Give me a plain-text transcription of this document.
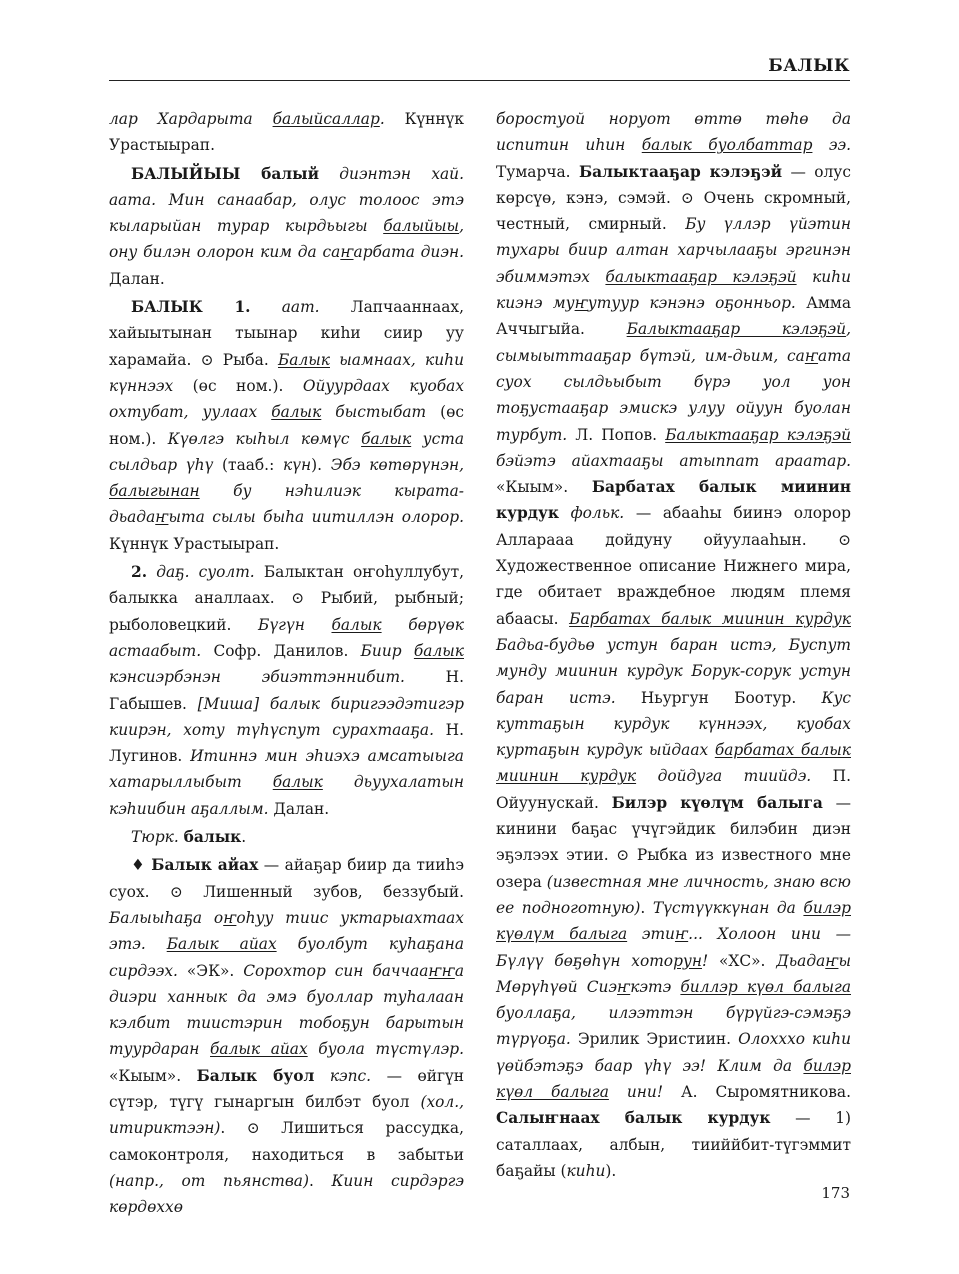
БАЛЫК

лар Хардарыта балыйсаллар. Күннүк Урастыырап.

БАЛЫЙЫЫ балый диэнтэн хай. аата. Мин санаабар, олус толоос этэ кыларыйан турар кырдьыгы балыйыы, ону билэн олорон ким да саҥарбата диэн. Далан.

БАЛЫК 1. аат. Лапчааннаах, хайыытынан тыынар киһи сиир уу харамайа. ⊙ Рыба. Балык ыамнаах, киһи күннээх (өс ном.). Ойуурдаах куобах охтубат, уулаах балык быстыбат (өс ном.). Күөлгэ кыһыл көмүс балык уста сылдьар үһү (тааб.: күн). Эбэ көтөрүнэн, балыгынан бу нэһилиэк кырата-дьадаҥыта сылы быһа иитиллэн олорор. Күннүк Урастыырап.

2. даҕ. суолт. Балыктан оҥоһуллубут, балыкка аналлаах. ⊙ Рыбий, рыбный; рыболовецкий. Бүгүн балык бөрүөк астаабыт. Софр. Данилов. Биир балык кэнсиэрбэнэн эбиэттэннибит. Н. Габышев. [Миша] балык биригээдэтигэр киирэн, хоту түһүспут сурахтааҕа. Н. Лугинов. Итиннэ мин эһиэхэ амсатыыга хатарыллыбыт балык дьуухалатын кэһиибин аҕаллым. Далан.

Тюрк. балык.

♦ Балык айах — айаҕар биир да тииһэ суох. ⊙ Лишенный зубов, беззубый. Балыыһаҕа оҥоһуу тиис уктарыахтаах этэ. Балык айах буолбут куһаҕана сирдээх. «ЭК». Сорохтор син баччааҥҥа диэри ханнык да эмэ буоллар туһалаан кэлбит тиистэрин тобоҕун барытын туурдаран балык айах буола түстүлэр. «Кыым». Балык буол кэпс. — өйгүн сүтэр, түгү гынаргын билбэт буол (хол., итириктээн). ⊙ Лишиться рассудка, самоконтроля, находиться в забытьи (напр., от пьянства). Киин сирдэргэ көрдөххө

боростуой норуот өттө төһө да испитин иһин балык буолбаттар ээ. Тумарча. Балыктааҕар кэлэҕэй — олус көрсүө, кэнэ, сэмэй. ⊙ Очень скромный, честный, смирный. Бу үллэр үйэтин тухары биир алтан харчылааҕы эргинэн эбиммэтэх балыктааҕар кэлэҕэй киһи киэнэ муҥутуур кэнэнэ оҕонньор. Амма Аччыгыйа. Балыктааҕар кэлэҕэй, сымыыттааҕар бүтэй, им-дьим, саҥата суох сылдьыбыт бүрэ уол уон тоҕустааҕар эмискэ улуу ойуун буолан турбут. Л. Попов. Балыктааҕар кэлэҕэй бэйэтэ айахтааҕы атыппат араатар. «Кыым». Барбатах балык миинин курдук фольк. — абааһы биинэ олорор Алларааа дойдуну ойуулааһын. ⊙ Художественное описание Нижнего мира, где обитает враждебное людям племя абаасы. Барбатах балык миинин курдук Бадьа-будьө устун баран истэ, Буспут мунду миинин курдук Борук-сорук устун баран истэ. Ньургун Боотур. Кус куттаҕын курдук күннээх, куобах куртаҕын курдук ыйдаах барбатах балык миинин курдук дойдуга тиийдэ. П. Ойуунускай. Билэр күөлүм балыга — кинини баҕас үчүгэйдик билэбин диэн эҕэлээх этии. ⊙ Рыбка из известного мне озера (известная мне личность, знаю всю ее подноготную). Түстүүккүнан да билэр күөлүм балыга этиҥ... Холоон ини — Бүлүү бөҕөһүн хоторун! «ХС». Дьадаҥы Мөрүһүөй Сиэҥкэтэ биллэр күөл балыга буоллаҕа, илээттэн бүрүйгэ-сэмэҕэ түрүоҕа. Эрилик Эристиин. Олохххо киһи үөйбэтэҕэ баар үһү ээ! Клим да билэр күөл балыга ини! А. Сыромятникова. Салыҥнаах балык курдук — 1) саталлаах, албын, тииййбит-түгэммит баҕайы (киһи).

173
